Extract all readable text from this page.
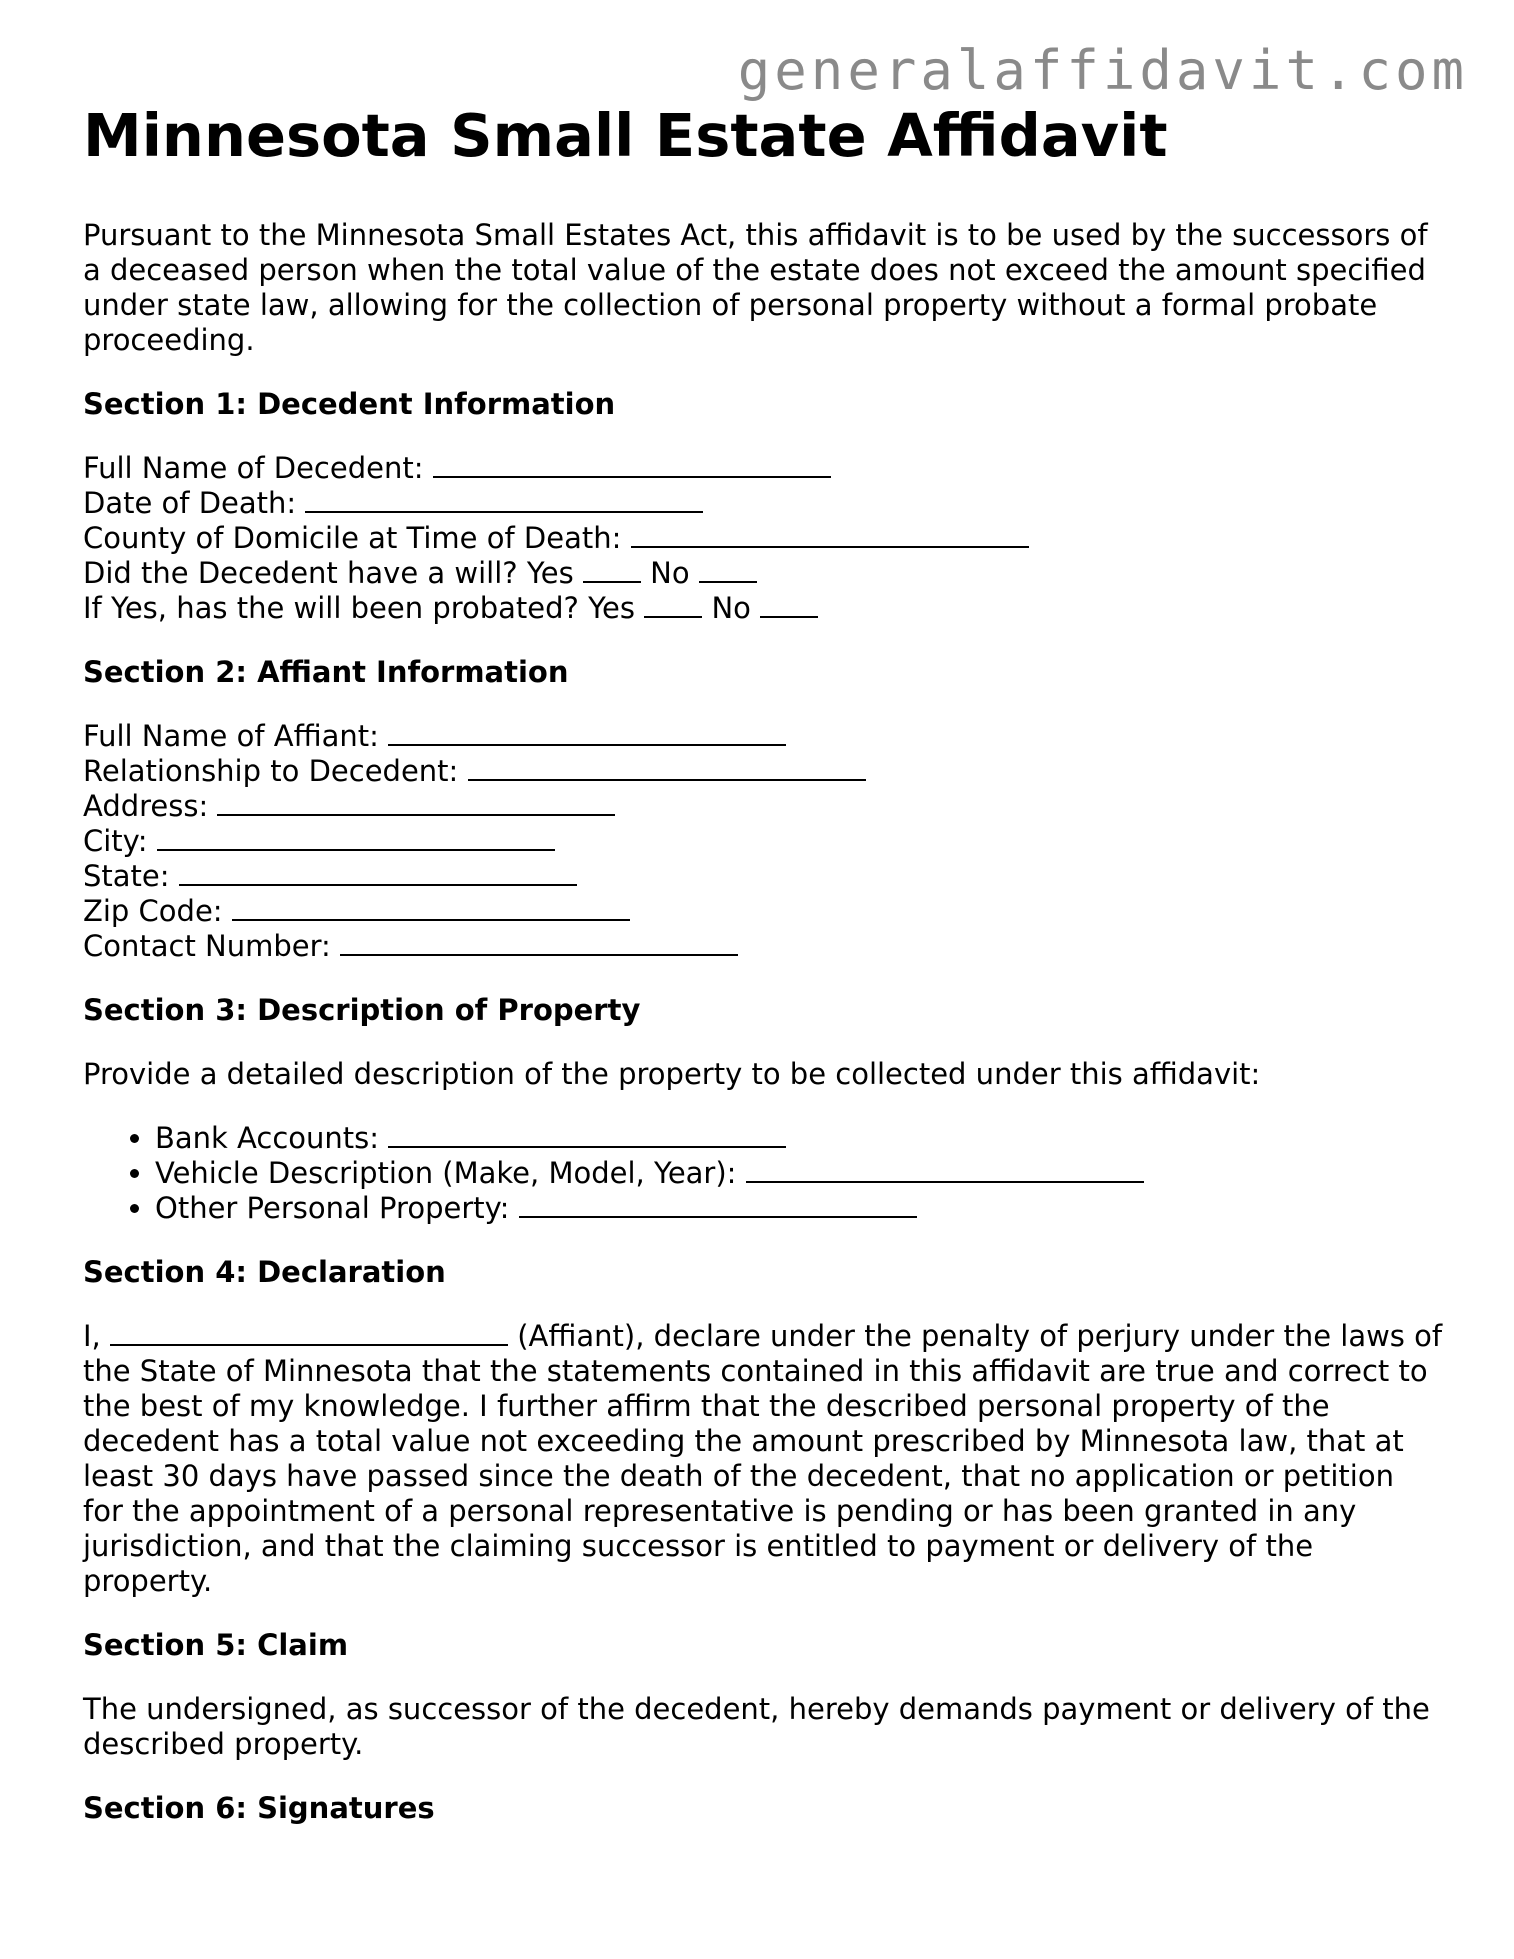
generalaffidavit.com
Minnesota Small Estate Affidavit

Pursuant to the Minnesota Small Estates Act, this affidavit is to be used by the successors of a deceased person when the total value of the estate does not exceed the amount specified under state law, allowing for the collection of personal property without a formal probate proceeding.

Section 1: Decedent Information
Full Name of Decedent:
Date of Death:
County of Domicile at Time of Death:
Did the Decedent have a will? Yes	No
If Yes, has the will been probated? Yes	No
Section 2: Affiant Information
Full Name of Affiant:
Relationship to Decedent:
Address:
City:
State:
Zip Code:
Contact Number:
Section 3: Description of Property

Provide a detailed description of the property to be collected under this affidavit:

• Bank Accounts:
• Vehicle Description (Make, Model, Year):
• Other Personal Property:
Section 4: Declaration

I,	(Affiant), declare under the penalty of perjury under the laws of the State of Minnesota that the statements contained in this affidavit are true and correct to the best of my knowledge. I further affirm that the described personal property of the decedent has a total value not exceeding the amount prescribed by Minnesota law, that at least 30 days have passed since the death of the decedent, that no application or petition for the appointment of a personal representative is pending or has been granted in any jurisdiction, and that the claiming successor is entitled to payment or delivery of the property.

Section 5: Claim

The undersigned, as successor of the decedent, hereby demands payment or delivery of the described property.

Section 6: Signatures
